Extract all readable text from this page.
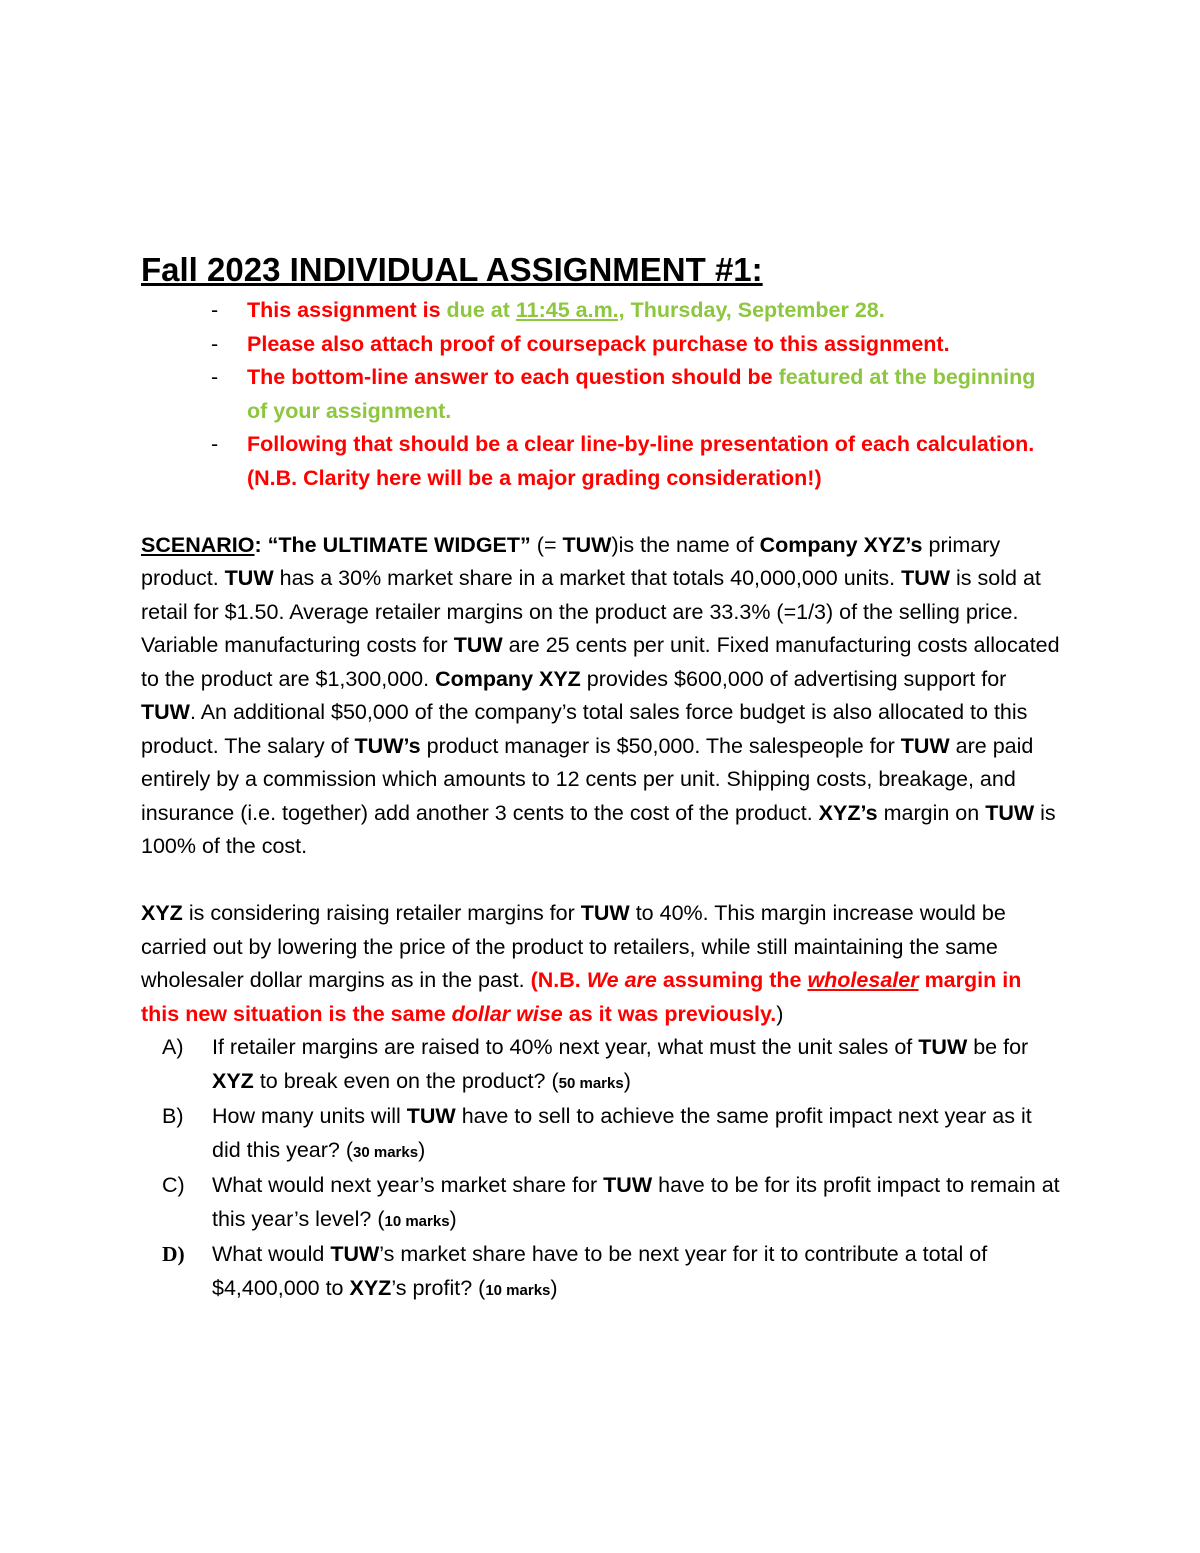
Fall 2023 INDIVIDUAL ASSIGNMENT #1:
- This assignment is due at 11:45 a.m., Thursday, September 28.
- Please also attach proof of coursepack purchase to this assignment.
- The bottom-line answer to each question should be featured at the beginning of your assignment.
- Following that should be a clear line-by-line presentation of each calculation. (N.B. Clarity here will be a major grading consideration!)

SCENARIO: “The ULTIMATE WIDGET” (= TUW)is the name of Company XYZ’s primary product. TUW has a 30% market share in a market that totals 40,000,000 units. TUW is sold at retail for $1.50. Average retailer margins on the product are 33.3% (=1/3) of the selling price.
Variable manufacturing costs for TUW are 25 cents per unit. Fixed manufacturing costs allocated to the product are $1,300,000. Company XYZ provides $600,000 of advertising support for TUW. An additional $50,000 of the company’s total sales force budget is also allocated to this product. The salary of TUW’s product manager is $50,000. The salespeople for TUW are paid entirely by a commission which amounts to 12 cents per unit. Shipping costs, breakage, and insurance (i.e. together) add another 3 cents to the cost of the product. XYZ’s margin on TUW is 100% of the cost.

XYZ is considering raising retailer margins for TUW to 40%. This margin increase would be carried out by lowering the price of the product to retailers, while still maintaining the same wholesaler dollar margins as in the past. (N.B. We are assuming the wholesaler margin in this new situation is the same dollar wise as it was previously.)

A) If retailer margins are raised to 40% next year, what must the unit sales of TUW be for XYZ to break even on the product? (50 marks)
B) How many units will TUW have to sell to achieve the same profit impact next year as it did this year? (30 marks)
C) What would next year’s market share for TUW have to be for its profit impact to remain at this year’s level? (10 marks)
D) What would TUW’s market share have to be next year for it to contribute a total of $4,400,000 to XYZ’s profit? (10 marks)
